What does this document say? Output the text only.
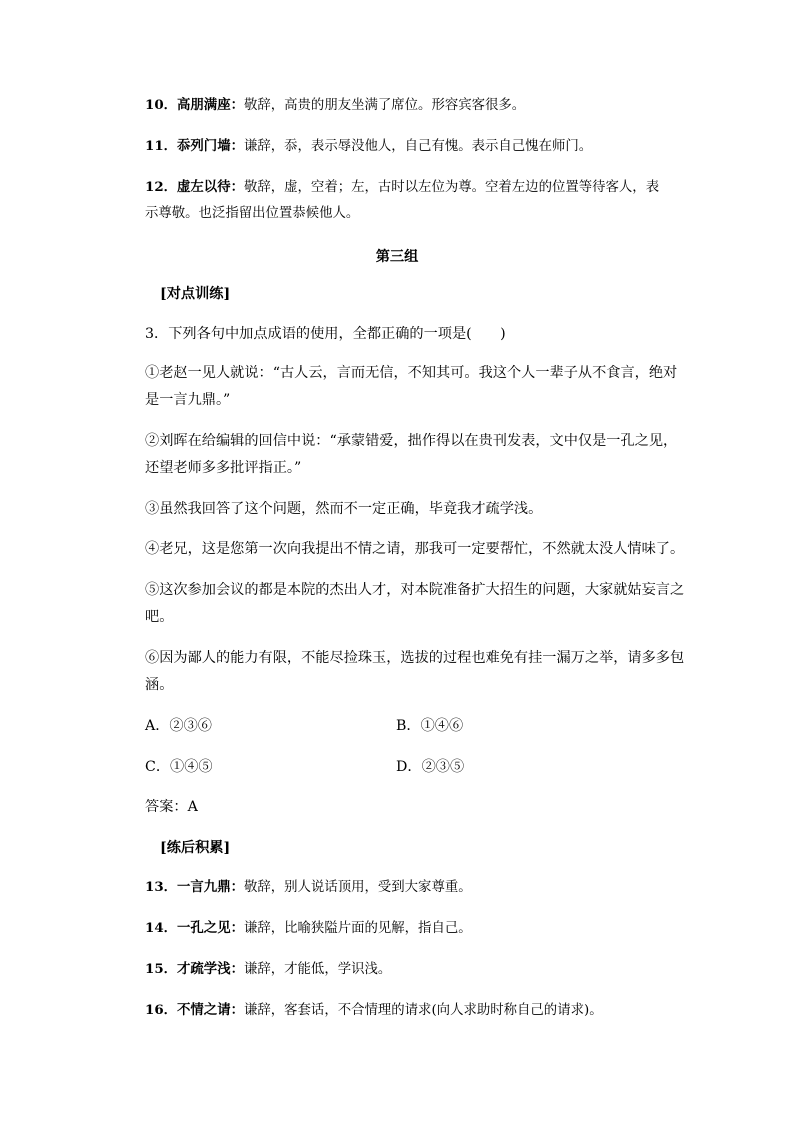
10．高朋满座：敬辞，高贵的朋友坐满了席位。形容宾客很多。
11．忝列门墙：谦辞，忝，表示辱没他人，自己有愧。表示自己愧在师门。
12．虚左以待：敬辞，虚，空着；左，古时以左位为尊。空着左边的位置等待客人，表
示尊敬。也泛指留出位置恭候他人。
第三组
[对点训练]
3．下列各句中加点成语的使用，全都正确的一项是(　　)
①老赵一见人就说：“古人云，言而无信，不知其可。我这个人一辈子从不食言，绝对
是一言九鼎。”
②刘晖在给编辑的回信中说：“承蒙错爱，拙作得以在贵刊发表，文中仅是一孔之见，
还望老师多多批评指正。”
③虽然我回答了这个问题，然而不一定正确，毕竟我才疏学浅。
④老兄，这是您第一次向我提出不情之请，那我可一定要帮忙，不然就太没人情味了。
⑤这次参加会议的都是本院的杰出人才，对本院准备扩大招生的问题，大家就姑妄言之
吧。
⑥因为鄙人的能力有限，不能尽捡珠玉，选拔的过程也难免有挂一漏万之举，请多多包
涵。
A．②③⑥	B．①④⑥
C．①④⑤	D．②③⑤
答案：A
[练后积累]
13．一言九鼎：敬辞，别人说话顶用，受到大家尊重。
14．一孔之见：谦辞，比喻狭隘片面的见解，指自己。
15．才疏学浅：谦辞，才能低，学识浅。
16．不情之请：谦辞，客套话，不合情理的请求(向人求助时称自己的请求)。
